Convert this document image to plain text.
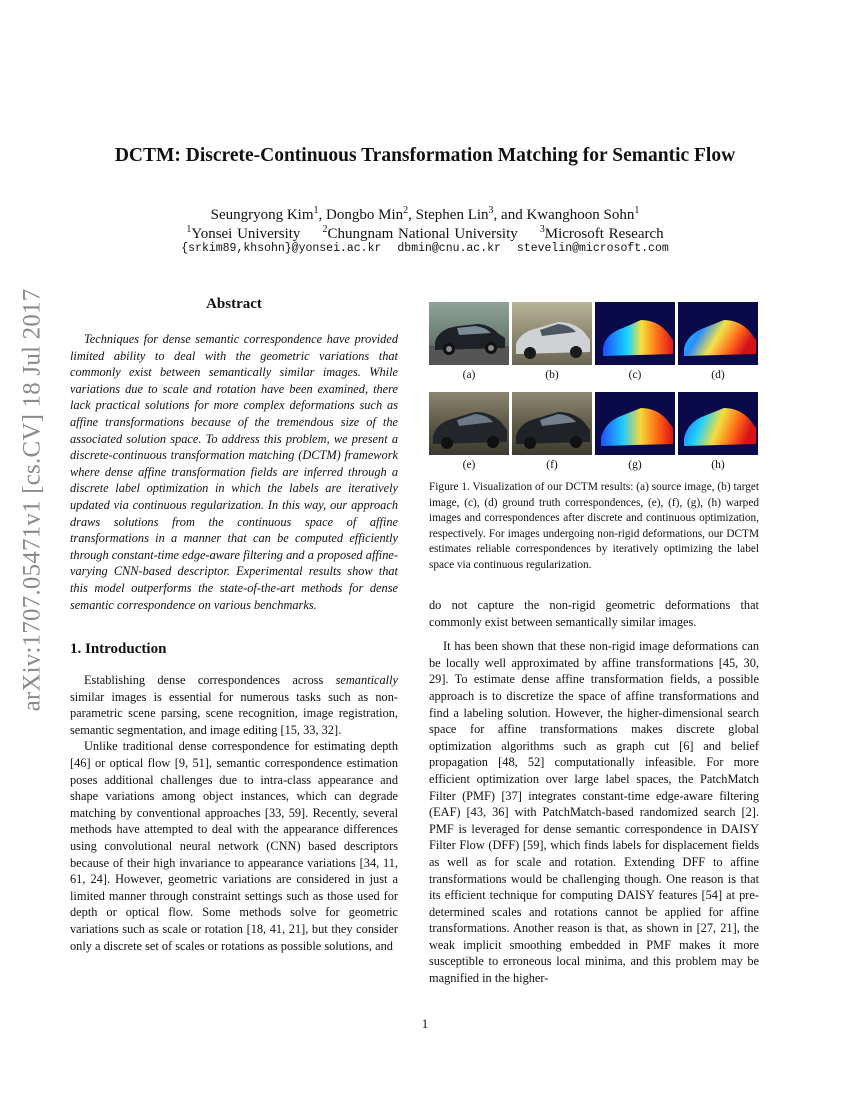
arXiv:1707.05471v1 [cs.CV] 18 Jul 2017
DCTM: Discrete-Continuous Transformation Matching for Semantic Flow
Seungryong Kim$^1$, Dongbo Min$^2$, Stephen Lin$^3$, and Kwanghoon Sohn$^1$
$^1$Yonsei University $^2$Chungnam National University $^3$Microsoft Research
{srkim89,khsohn}@yonsei.ac.kr dbmin@cnu.ac.kr stevelin@microsoft.com
Abstract

Techniques for dense semantic correspondence have provided limited ability to deal with the geometric variations that commonly exist between semantically similar images. While variations due to scale and rotation have been examined, there lack practical solutions for more complex deformations such as affine transformations because of the tremendous size of the associated solution space. To address this problem, we present a discrete-continuous transformation matching (DCTM) framework where dense affine transformation fields are inferred through a discrete label optimization in which the labels are iteratively updated via continuous regularization. In this way, our approach draws solutions from the continuous space of affine transformations in a manner that can be computed efficiently through constant-time edge-aware filtering and a proposed affine-varying CNN-based descriptor. Experimental results show that this model outperforms the state-of-the-art methods for dense semantic correspondence on various benchmarks.

1. Introduction

Establishing dense correspondences across semantically similar images is essential for numerous tasks such as non-parametric scene parsing, scene recognition, image registration, semantic segmentation, and image editing [15, 33, 32].

Unlike traditional dense correspondence for estimating depth [46] or optical flow [9, 51], semantic correspondence estimation poses additional challenges due to intra-class appearance and shape variations among object instances, which can degrade matching by conventional approaches [33, 59]. Recently, several methods have attempted to deal with the appearance differences using convolutional neural network (CNN) based descriptors because of their high invariance to appearance variations [34, 11, 61, 24]. However, geometric variations are considered in just a limited manner through constraint settings such as those used for depth or optical flow. Some methods solve for geometric variations such as scale or rotation [18, 41, 21], but they consider only a discrete set of scales or rotations as possible solutions, and

(a)	(b)	(c)	(d)
(e)	(f)	(g)	(h)

Figure 1. Visualization of our DCTM results: (a) source image, (b) target image, (c), (d) ground truth correspondences, (e), (f), (g), (h) warped images and correspondences after discrete and continuous optimization, respectively. For images undergoing non-rigid deformations, our DCTM estimates reliable correspondences by iteratively optimizing the label space via continuous regularization.

do not capture the non-rigid geometric deformations that commonly exist between semantically similar images.

It has been shown that these non-rigid image deformations can be locally well approximated by affine transformations [45, 30, 29]. To estimate dense affine transformation fields, a possible approach is to discretize the space of affine transformations and find a labeling solution. However, the higher-dimensional search space for affine transformations makes discrete global optimization algorithms such as graph cut [6] and belief propagation [48, 52] computationally infeasible. For more efficient optimization over large label spaces, the PatchMatch Filter (PMF) [37] integrates constant-time edge-aware filtering (EAF) [43, 36] with PatchMatch-based randomized search [2]. PMF is leveraged for dense semantic correspondence in DAISY Filter Flow (DFF) [59], which finds labels for displacement fields as well as for scale and rotation. Extending DFF to affine transformations would be challenging though. One reason is that its efficient technique for computing DAISY features [54] at pre-determined scales and rotations cannot be applied for affine transformations. Another reason is that, as shown in [27, 21], the weak implicit smoothing embedded in PMF makes it more susceptible to erroneous local minima, and this problem may be magnified in the higher-

1
